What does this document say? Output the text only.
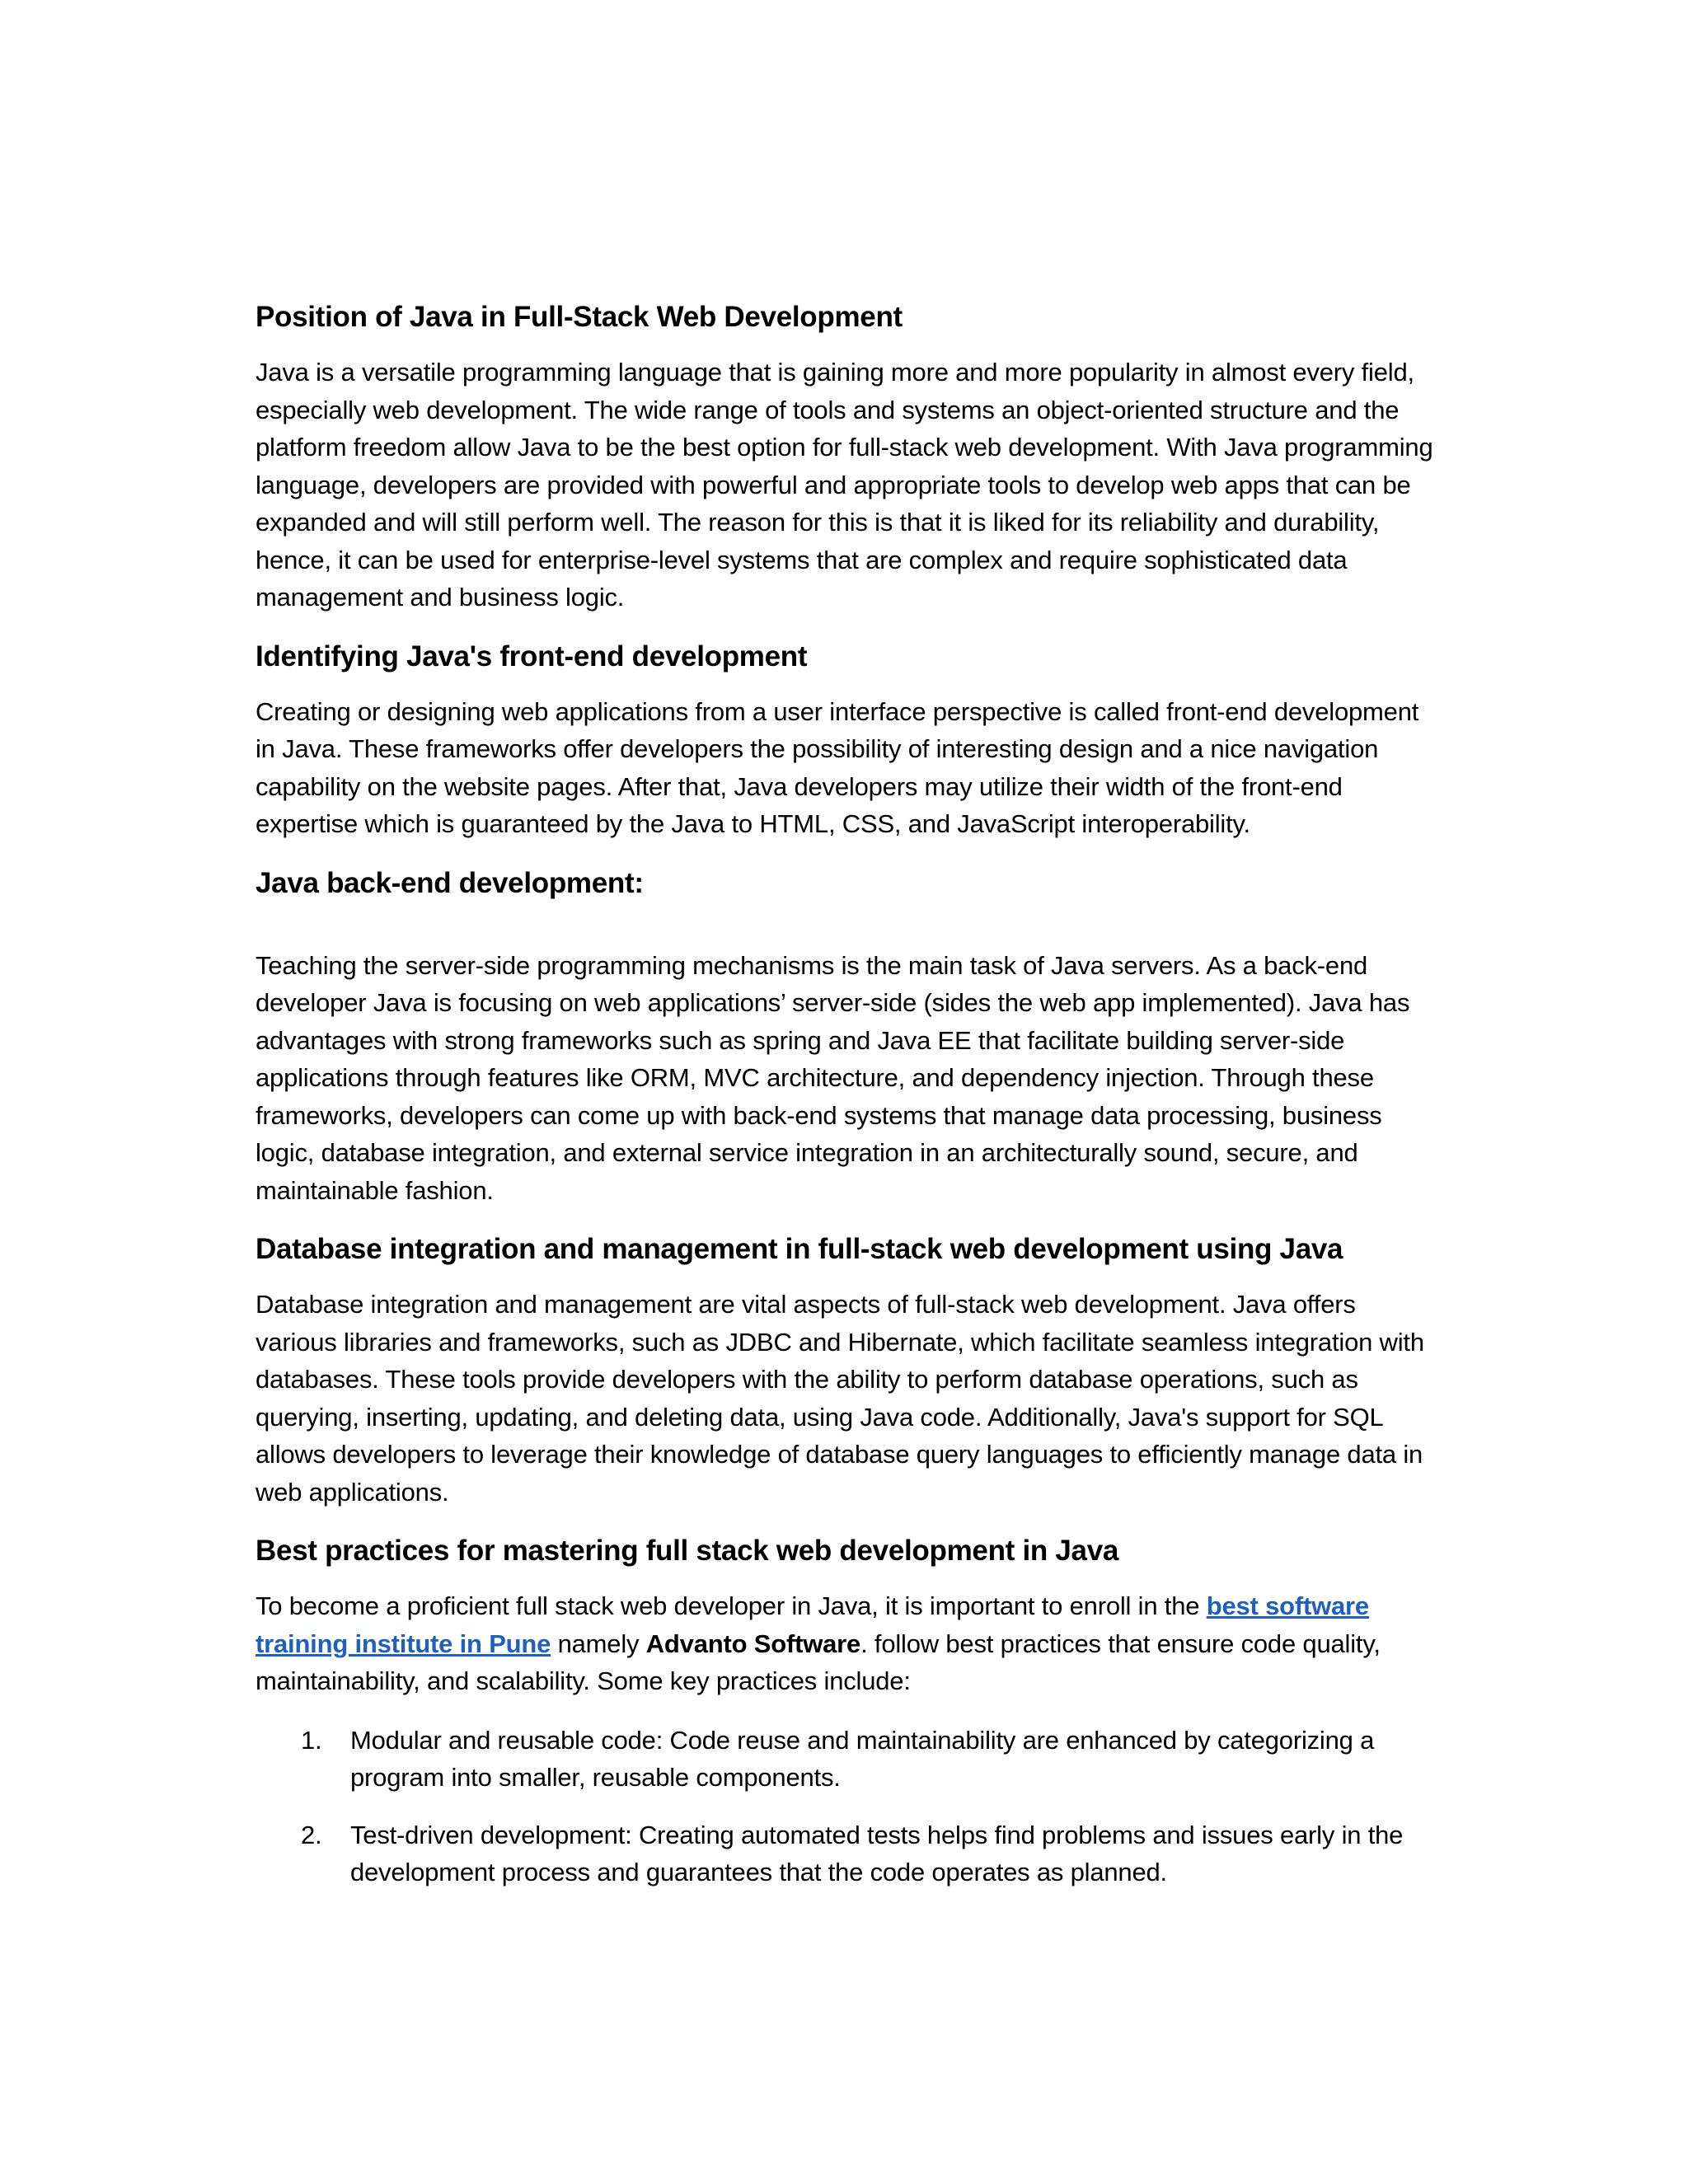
Position of Java in Full-Stack Web Development

Java is a versatile programming language that is gaining more and more popularity in almost every field, especially web development. The wide range of tools and systems an object-oriented structure and the platform freedom allow Java to be the best option for full-stack web development. With Java programming language, developers are provided with powerful and appropriate tools to develop web apps that can be expanded and will still perform well. The reason for this is that it is liked for its reliability and durability, hence, it can be used for enterprise-level systems that are complex and require sophisticated data management and business logic.

Identifying Java's front-end development

Creating or designing web applications from a user interface perspective is called front-end development in Java. These frameworks offer developers the possibility of interesting design and a nice navigation capability on the website pages. After that, Java developers may utilize their width of the front-end expertise which is guaranteed by the Java to HTML, CSS, and JavaScript interoperability.

Java back-end development:

Teaching the server-side programming mechanisms is the main task of Java servers. As a back-end developer Java is focusing on web applications’ server-side (sides the web app implemented). Java has advantages with strong frameworks such as spring and Java EE that facilitate building server-side applications through features like ORM, MVC architecture, and dependency injection. Through these frameworks, developers can come up with back-end systems that manage data processing, business logic, database integration, and external service integration in an architecturally sound, secure, and maintainable fashion.

Database integration and management in full-stack web development using Java

Database integration and management are vital aspects of full-stack web development. Java offers various libraries and frameworks, such as JDBC and Hibernate, which facilitate seamless integration with databases. These tools provide developers with the ability to perform database operations, such as querying, inserting, updating, and deleting data, using Java code. Additionally, Java's support for SQL allows developers to leverage their knowledge of database query languages to efficiently manage data in web applications.

Best practices for mastering full stack web development in Java

To become a proficient full stack web developer in Java, it is important to enroll in the best software training institute in Pune namely Advanto Software. follow best practices that ensure code quality, maintainability, and scalability. Some key practices include:

1. Modular and reusable code: Code reuse and maintainability are enhanced by categorizing a program into smaller, reusable components.
2. Test-driven development: Creating automated tests helps find problems and issues early in the development process and guarantees that the code operates as planned.
